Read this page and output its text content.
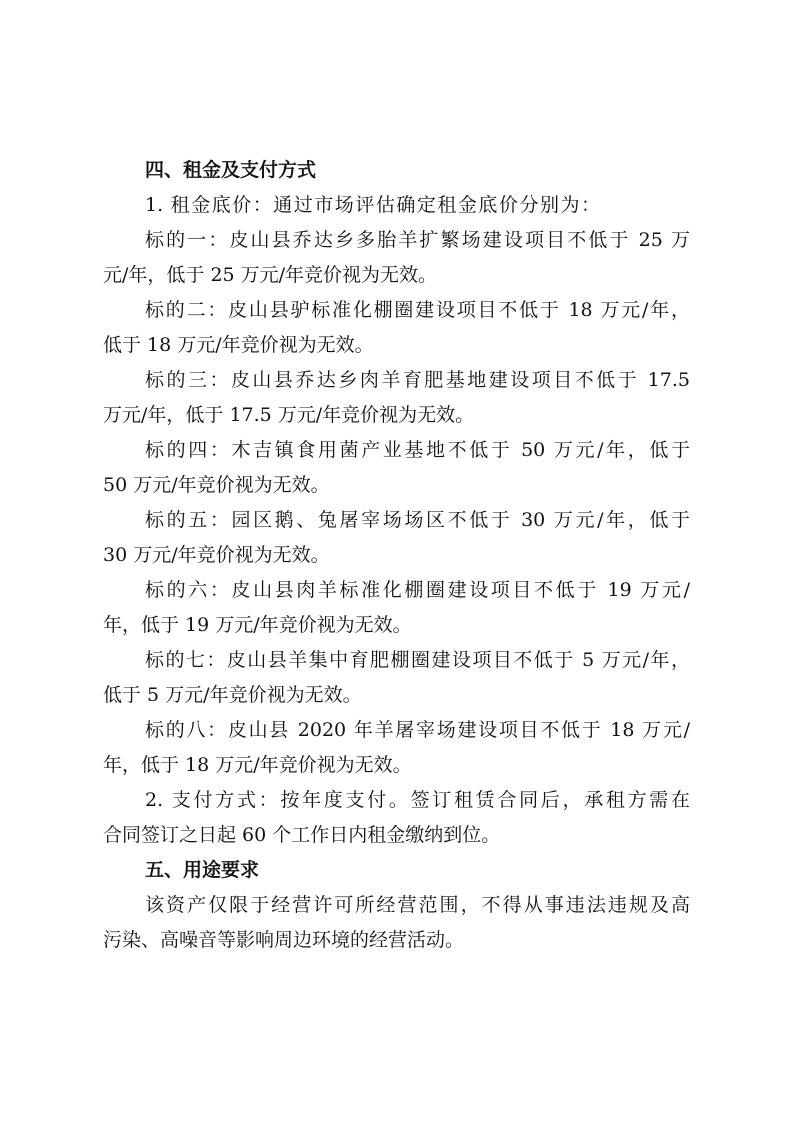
四、租金及支付方式
1. 租金底价：通过市场评估确定租金底价分别为：
标的一：皮山县乔达乡多胎羊扩繁场建设项目不低于 25 万
元/年，低于 25 万元/年竞价视为无效。
标的二：皮山县驴标准化棚圈建设项目不低于 18 万元/年，
低于 18 万元/年竞价视为无效。
标的三：皮山县乔达乡肉羊育肥基地建设项目不低于 17.5
万元/年，低于 17.5 万元/年竞价视为无效。
标的四：木吉镇食用菌产业基地不低于 50 万元/年，低于
50 万元/年竞价视为无效。
标的五：园区鹅、兔屠宰场场区不低于 30 万元/年，低于
30 万元/年竞价视为无效。
标的六：皮山县肉羊标准化棚圈建设项目不低于 19 万元/
年，低于 19 万元/年竞价视为无效。
标的七：皮山县羊集中育肥棚圈建设项目不低于 5 万元/年，
低于 5 万元/年竞价视为无效。
标的八：皮山县 2020 年羊屠宰场建设项目不低于 18 万元/
年，低于 18 万元/年竞价视为无效。
2. 支付方式：按年度支付。签订租赁合同后，承租方需在
合同签订之日起 60 个工作日内租金缴纳到位。
五、用途要求
该资产仅限于经营许可所经营范围，不得从事违法违规及高
污染、高噪音等影响周边环境的经营活动。
